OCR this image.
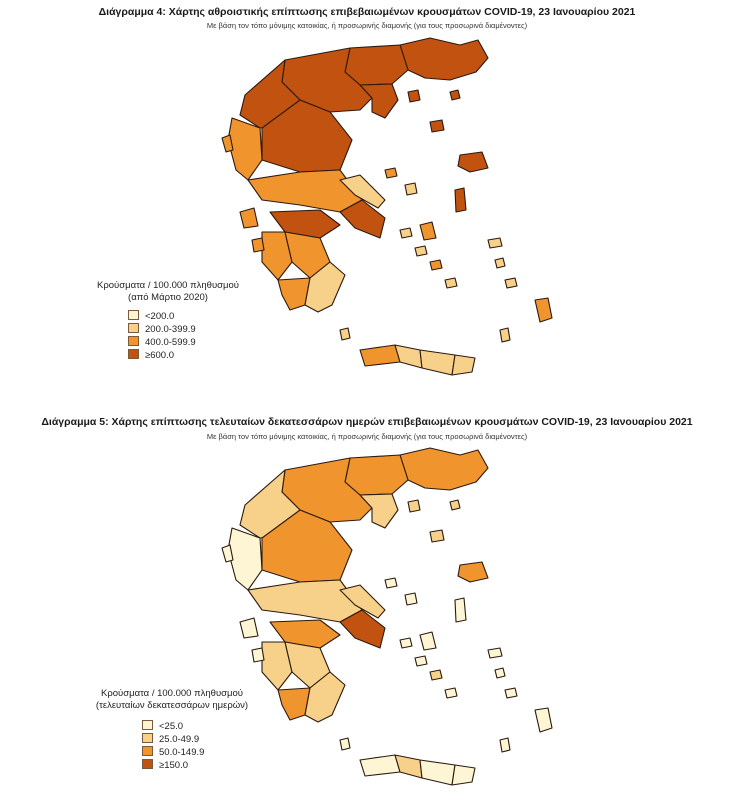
Διάγραμμα 4: Χάρτης αθροιστικής επίπτωσης επιβεβαιωμένων κρουσμάτων COVID-19, 23 Ιανουαρίου 2021
Με βάση τον τόπο μόνιμης κατοικίας, ή προσωρινής διαμονής (για τους προσωρινά διαμένοντες)
Κρούσματα / 100.000 πληθυσμού
(από Μάρτιο 2020)
<200.0
200.0-399.9
400.0-599.9
≥600.0
Διάγραμμα 5: Χάρτης επίπτωσης τελευταίων δεκατεσσάρων ημερών επιβεβαιωμένων κρουσμάτων COVID-19, 23 Ιανουαρίου 2021
Με βάση τον τόπο μόνιμης κατοικίας, ή προσωρινής διαμονής (για τους προσωρινά διαμένοντες)
Κρούσματα / 100.000 πληθυσμού
(τελευταίων δεκατεσσάρων ημερών)
<25.0
25.0-49.9
50.0-149.9
≥150.0
